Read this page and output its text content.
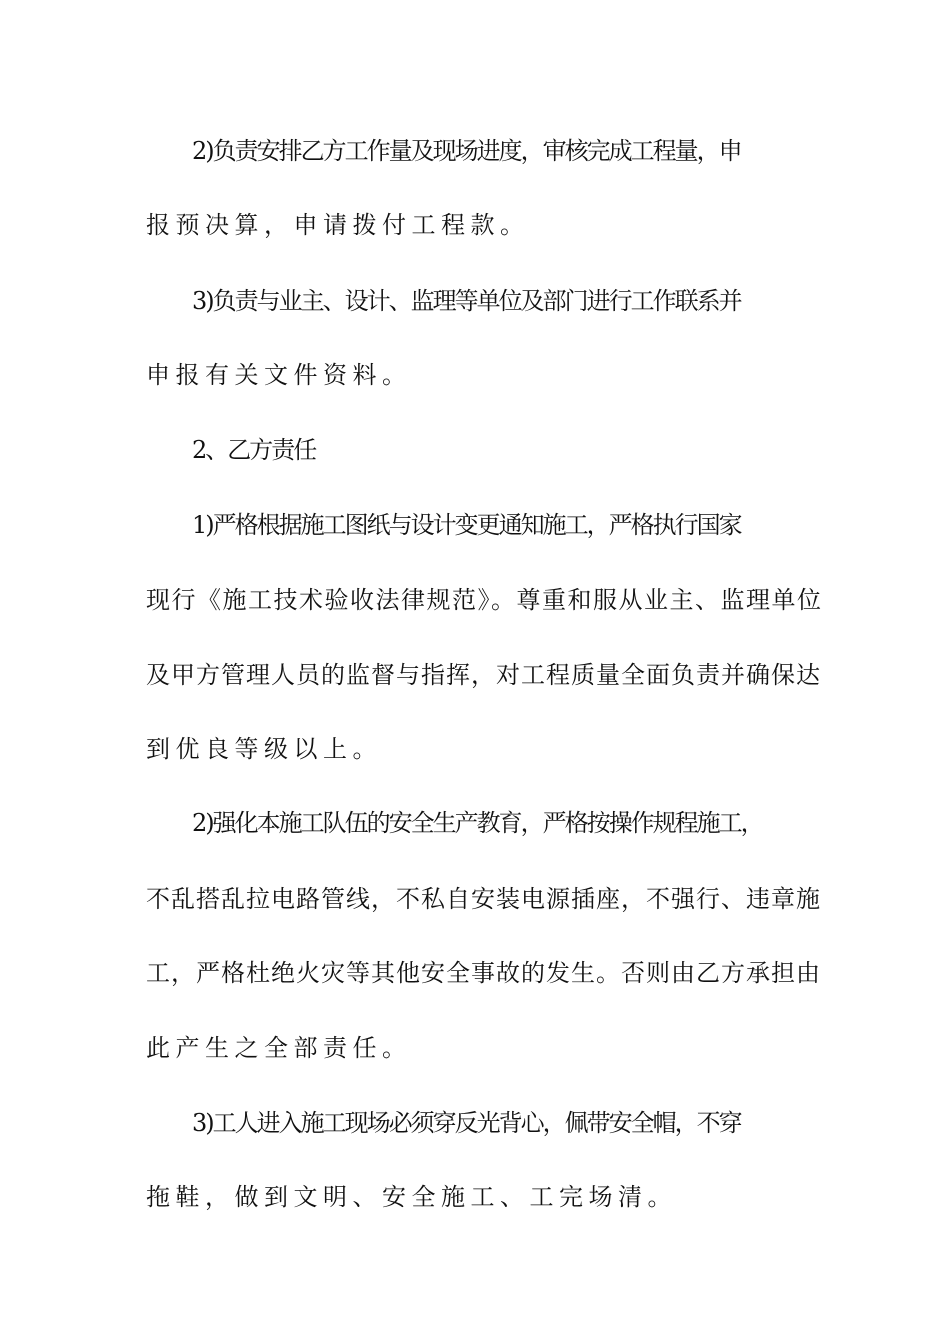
2)负责安排乙方工作量及现场进度，审核完成工程量，申
报预决算，申请拨付工程款。
3)负责与业主、设计、监理等单位及部门进行工作联系并
申报有关文件资料。
2、乙方责任
1)严格根据施工图纸与设计变更通知施工，严格执行国家
现行《施工技术验收法律规范》。尊重和服从业主、监理单位
及甲方管理人员的监督与指挥，对工程质量全面负责并确保达
到优良等级以上。
2)强化本施工队伍的安全生产教育，严格按操作规程施工，
不乱搭乱拉电路管线，不私自安装电源插座，不强行、违章施
工，严格杜绝火灾等其他安全事故的发生。否则由乙方承担由
此产生之全部责任。
3)工人进入施工现场必须穿反光背心，佩带安全帽，不穿
拖鞋，做到文明、安全施工、工完场清。
